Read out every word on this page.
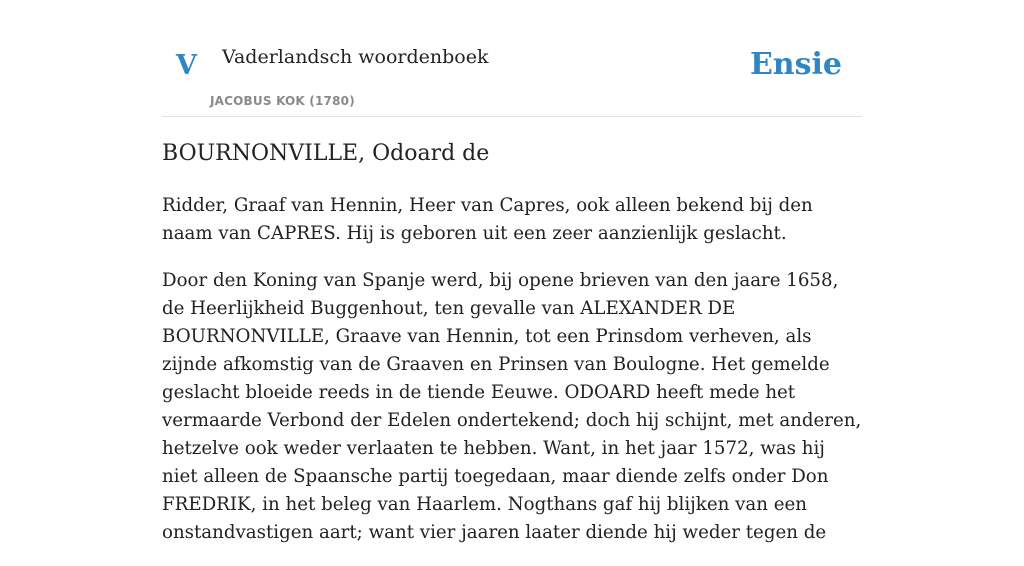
V Vaderlandsch woordenboek
JACOBUS KOK (1780)
Ensie
BOURNONVILLE, Odoard de

Ridder, Graaf van Hennin, Heer van Capres, ook alleen bekend bij den naam van CAPRES. Hij is geboren uit een zeer aanzienlijk geslacht.

Door den Koning van Spanje werd, bij opene brieven van den jaare 1658, de Heerlijkheid Buggenhout, ten gevalle van ALEXANDER DE BOURNONVILLE, Graave van Hennin, tot een Prinsdom verheven, als zijnde afkomstig van de Graaven en Prinsen van Boulogne. Het gemelde geslacht bloeide reeds in de tiende Eeuwe. ODOARD heeft mede het vermaarde Verbond der Edelen ondertekend; doch hij schijnt, met anderen, hetzelve ook weder verlaaten te hebben. Want, in het jaar 1572, was hij niet alleen de Spaansche partij toegedaan, maar diende zelfs onder Don FREDRIK, in het beleg van Haarlem. Nogthans gaf hij blijken van een onstandvastigen aart; want vier jaaren laater diende hij weder tegen de
